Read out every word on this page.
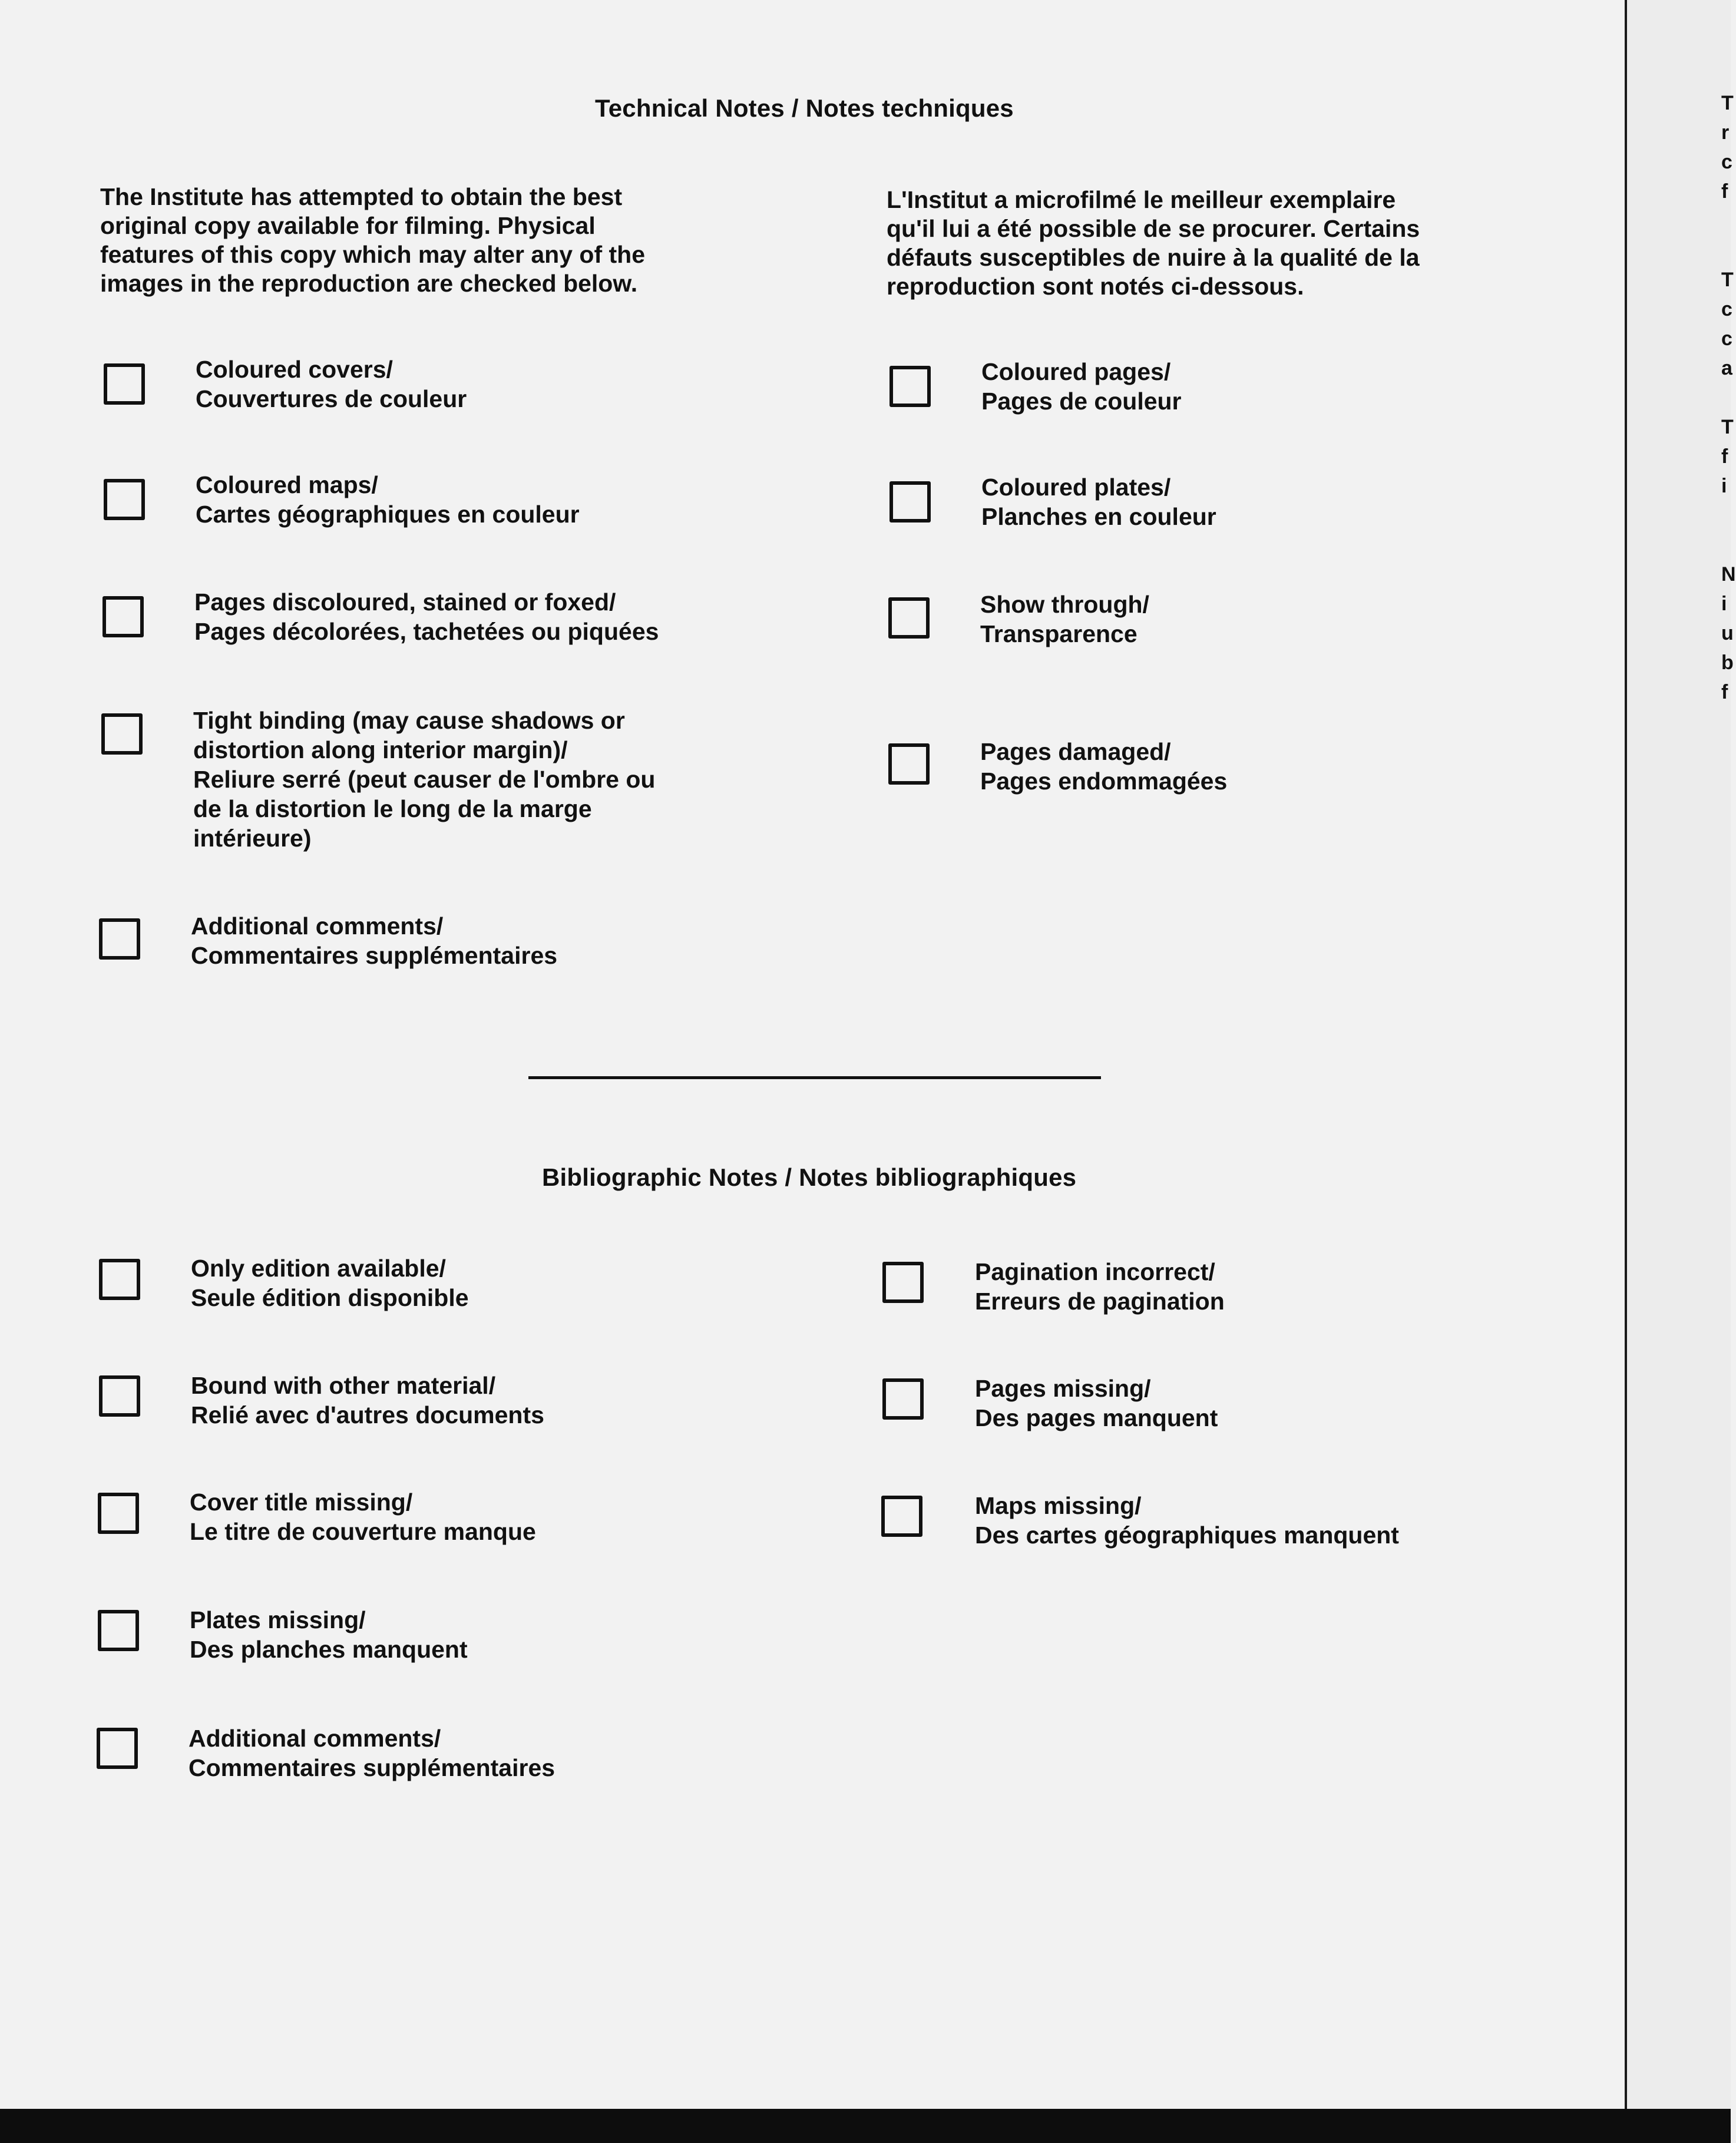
T
r
c
f
T
c
c
a
T
f
i
N
i
u
b
f
Technical Notes / Notes techniques
The Institute has attempted to obtain the best
original copy available for filming. Physical
features of this copy which may alter any of the
images in the reproduction are checked below.
L'Institut a microfilmé le meilleur exemplaire
qu'il lui a été possible de se procurer. Certains
défauts susceptibles de nuire à la qualité de la
reproduction sont notés ci-dessous.
Coloured covers/
Couvertures de couleur
Coloured maps/
Cartes géographiques en couleur
Pages discoloured, stained or foxed/
Pages décolorées, tachetées ou piquées
Tight binding (may cause shadows or
distortion along interior margin)/
Reliure serré (peut causer de l'ombre ou
de la distortion le long de la marge
intérieure)
Additional comments/
Commentaires supplémentaires
Coloured pages/
Pages de couleur
Coloured plates/
Planches en couleur
Show through/
Transparence
Pages damaged/
Pages endommagées
Bibliographic Notes / Notes bibliographiques
Only edition available/
Seule édition disponible
Bound with other material/
Relié avec d'autres documents
Cover title missing/
Le titre de couverture manque
Plates missing/
Des planches manquent
Additional comments/
Commentaires supplémentaires
Pagination incorrect/
Erreurs de pagination
Pages missing/
Des pages manquent
Maps missing/
Des cartes géographiques manquent
